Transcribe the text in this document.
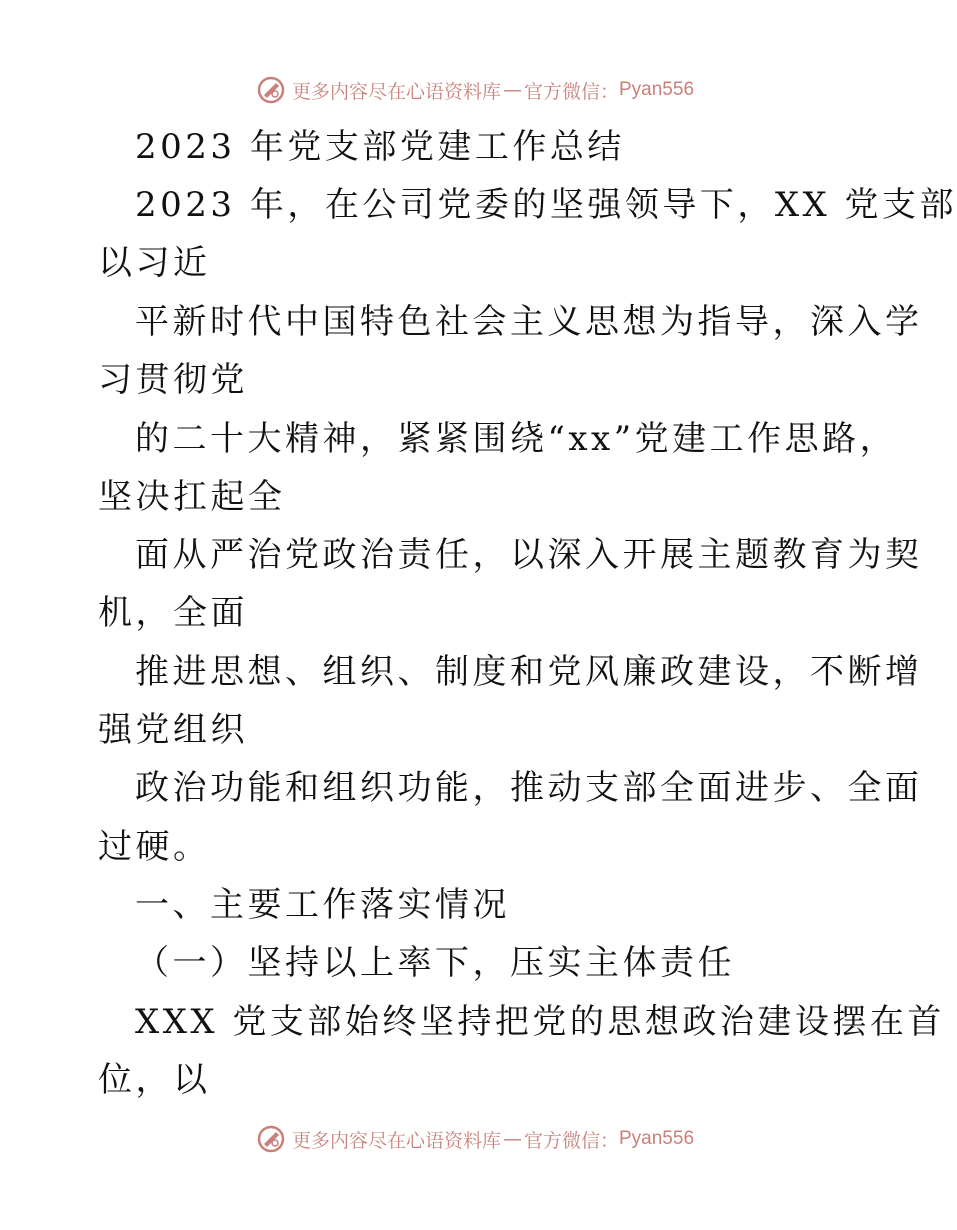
更多内容尽在心语资料库 — 官方微信： Pyan556
2023 年党支部党建工作总结
2023 年，在公司党委的坚强领导下，XX 党支部
以习近
平新时代中国特色社会主义思想为指导，深入学
习贯彻党
的二十大精神，紧紧围绕“xx”党建工作思路，
坚决扛起全
面从严治党政治责任，以深入开展主题教育为契
机，全面
推进思想、组织、制度和党风廉政建设，不断增
强党组织
政治功能和组织功能，推动支部全面进步、全面
过硬。
一、主要工作落实情况
（一）坚持以上率下，压实主体责任
XXX 党支部始终坚持把党的思想政治建设摆在首
位，以
更多内容尽在心语资料库 — 官方微信： Pyan556
